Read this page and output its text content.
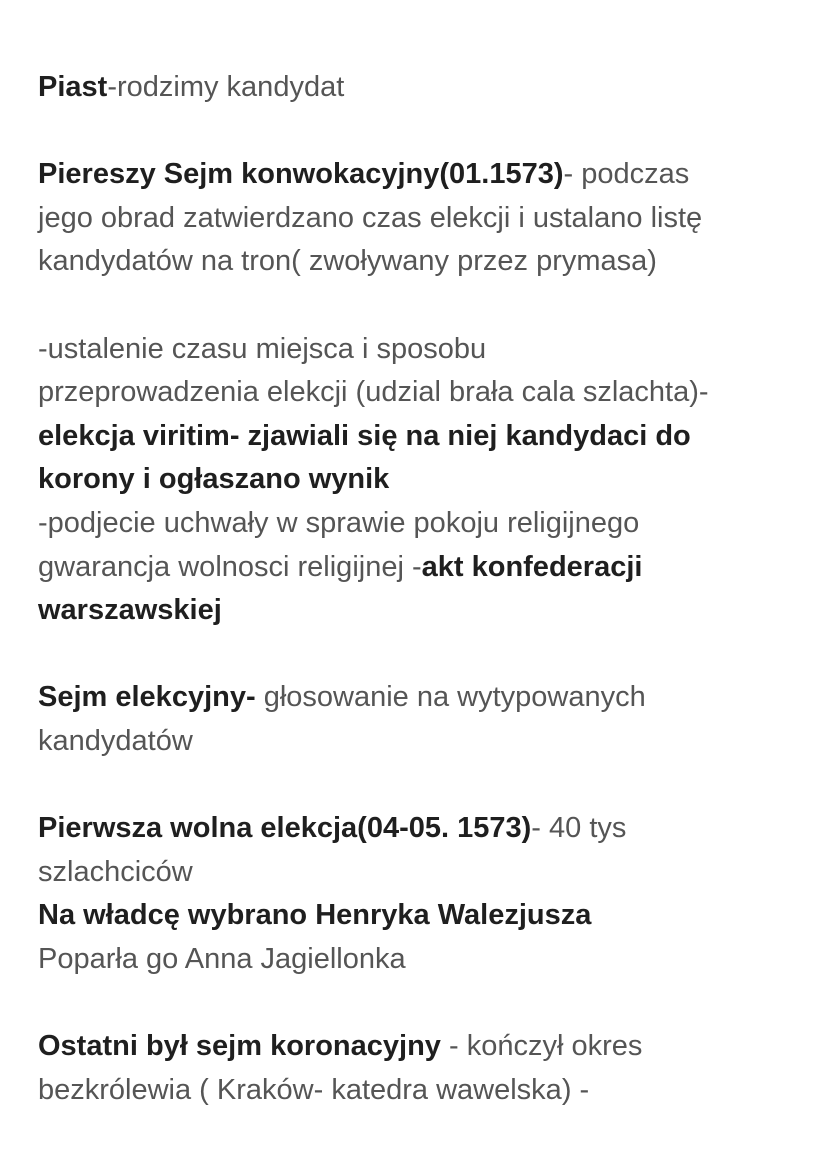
Piast-rodzimy kandydat
Piereszy Sejm konwokacyjny(01.1573)- podczas
jego obrad zatwierdzano czas elekcji i ustalano listę
kandydatów na tron( zwoływany przez prymasa)
-ustalenie czasu miejsca i sposobu
przeprowadzenia elekcji (udzial brała cala szlachta)-
elekcja viritim- zjawiali się na niej kandydaci do
korony i ogłaszano wynik
-podjecie uchwały w sprawie pokoju religijnego
gwarancja wolnosci religijnej -akt konfederacji
warszawskiej
Sejm elekcyjny- głosowanie na wytypowanych
kandydatów
Pierwsza wolna elekcja(04-05. 1573)- 40 tys
szlachciców
Na władcę wybrano Henryka Walezjusza
Poparła go Anna Jagiellonka
Ostatni był sejm koronacyjny - kończył okres
bezkrólewia ( Kraków- katedra wawelska) -
